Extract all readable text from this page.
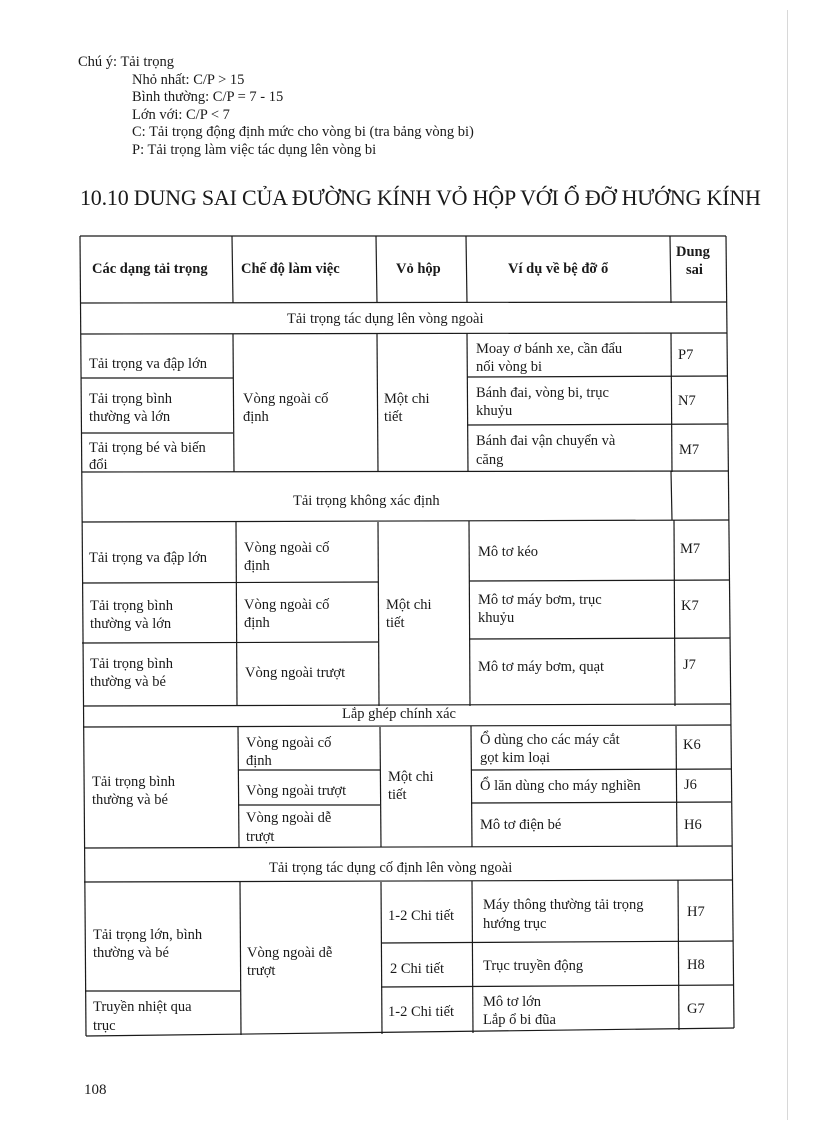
Chú ý: Tải trọng
Nhỏ nhất: C/P > 15
Bình thường: C/P = 7 - 15
Lớn với: C/P < 7
C: Tải trọng động định mức cho vòng bi (tra bảng vòng bi)
P: Tải trọng làm việc tác dụng lên vòng bi
10.10 DUNG SAI CỦA ĐƯỜNG KÍNH VỎ HỘP VỚI Ổ ĐỠ HƯỚNG KÍNH
Các dạng tải trọng Chế độ làm việc	Vỏ hộp	Ví dụ về bệ đỡ ổ
Dung
sai
Tải trọng tác dụng lên vòng ngoài
Tải trọng va đập lớn
Tải trọng bình
thường và lớn
Tải trọng bé và biến
đổi
Vòng ngoài cố
định
Một chi
tiết
Moay ơ bánh xe, cần đẩu
nối vòng bi
Bánh đai, vòng bi, trục
khuỷu
Bánh đai vận chuyển và
căng
P7
N7
M7
Tải trọng không xác định
Tải trọng va đập lớn
Tải trọng bình
thường và lớn
Tải trọng bình
thường và bé
Vòng ngoài cố
định
Vòng ngoài cố
định
Vòng ngoài trượt
Một chi
tiết
Mô tơ kéo
Mô tơ máy bơm, trục
khuỷu
Mô tơ máy bơm, quạt
M7
K7
J7
Lắp ghép chính xác
Tải trọng bình
thường và bé
Vòng ngoài cố
định
Vòng ngoài trượt
Vòng ngoài dễ
trượt
Một chi
tiết
Ổ dùng cho các máy cắt
gọt kim loại
Ổ lăn dùng cho máy nghiền
Mô tơ điện bé
K6
J6
H6
Tải trọng tác dụng cố định lên vòng ngoài
Tải trọng lớn, bình
thường và bé
Truyền nhiệt qua
trục
Vòng ngoài dễ
trượt
1-2 Chi tiết
2 Chi tiết
1-2 Chi tiết
Máy thông thường tải trọng
hướng trục
Trục truyền động
Mô tơ lớn
Lắp ổ bi đũa
H7
H8
G7
108
